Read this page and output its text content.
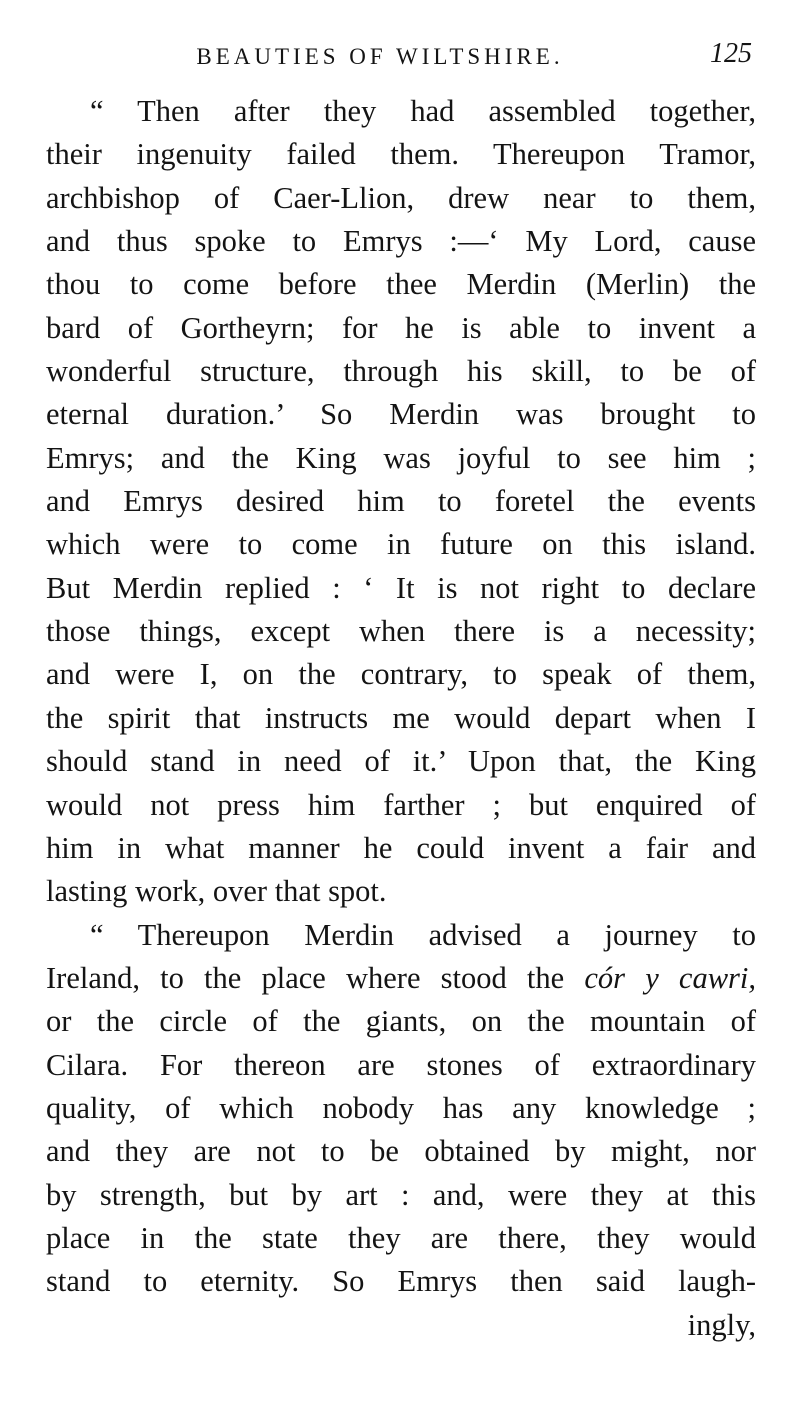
BEAUTIES OF WILTSHIRE.	125
“ Then after they had assembled together,
their ingenuity failed them. Thereupon Tramor,
archbishop of Caer-Llion, drew near to them,
and thus spoke to Emrys :—‘ My Lord, cause
thou to come before thee Merdin (Merlin) the
bard of Gortheyrn; for he is able to invent a
wonderful structure, through his skill, to be of
eternal duration.’ So Merdin was brought to
Emrys; and the King was joyful to see him ;
and Emrys desired him to foretel the events
which were to come in future on this island.
But Merdin replied : ‘ It is not right to declare
those things, except when there is a necessity;
and were I, on the contrary, to speak of them,
the spirit that instructs me would depart when I
should stand in need of it.’ Upon that, the King
would not press him farther ; but enquired of
him in what manner he could invent a fair and
lasting work, over that spot.
“ Thereupon Merdin advised a journey to
Ireland, to the place where stood the cór y cawri,
or the circle of the giants, on the mountain of
Cilara. For thereon are stones of extraordinary
quality, of which nobody has any knowledge ;
and they are not to be obtained by might, nor
by strength, but by art : and, were they at this
place in the state they are there, they would
stand to eternity. So Emrys then said laugh-
ingly,
